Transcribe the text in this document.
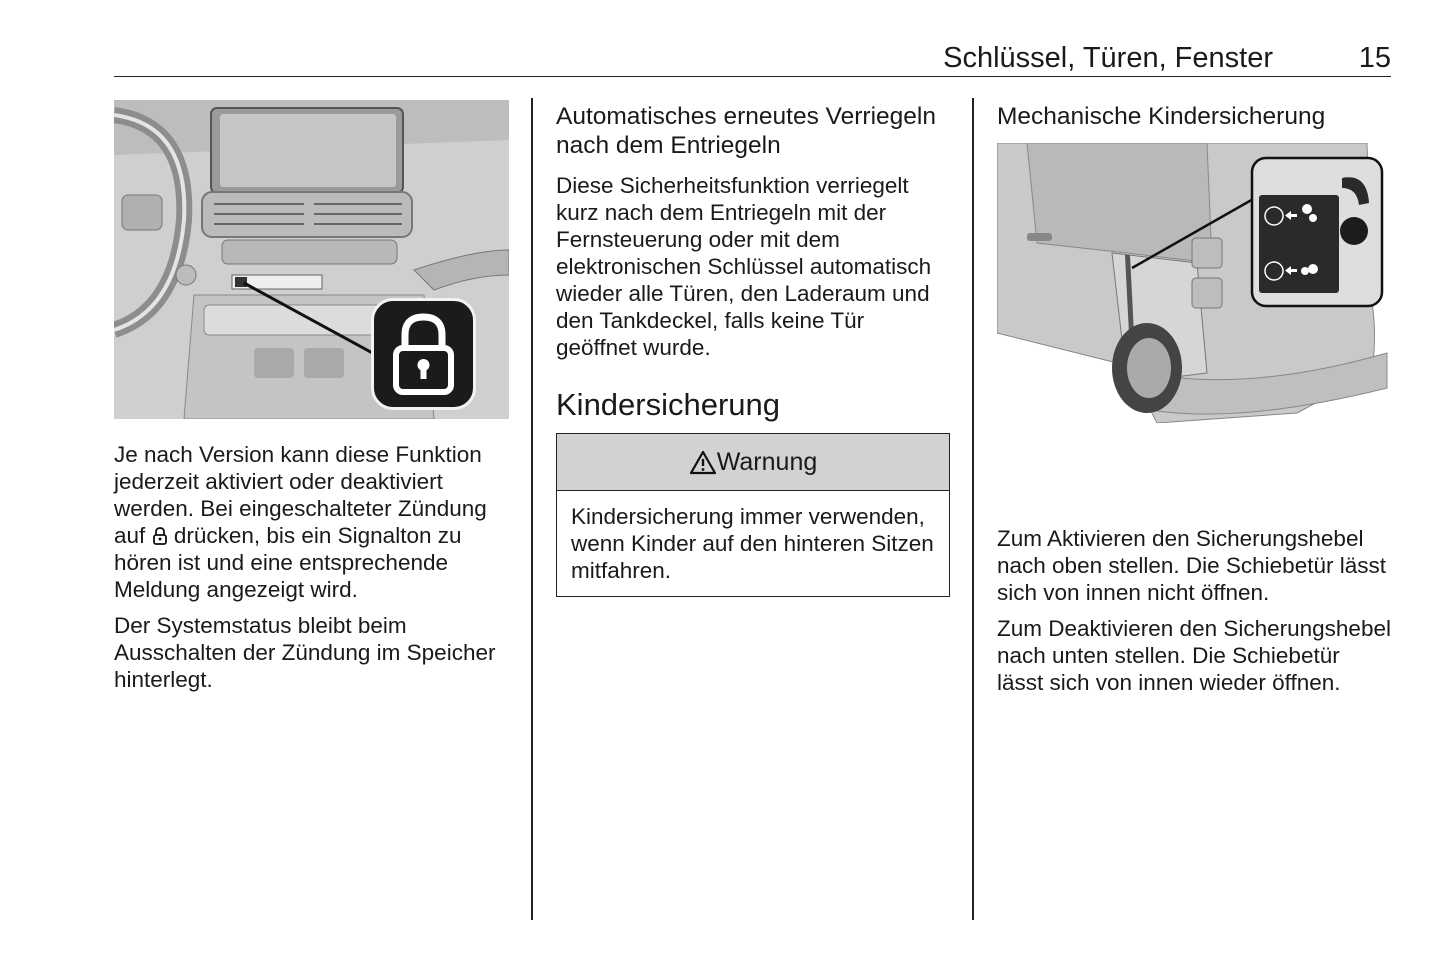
Schlüssel, Türen, Fenster	15

Je nach Version kann diese Funktion jederzeit aktiviert oder deaktiviert werden. Bei eingeschalteter Zündung auf drücken, bis ein Signalton zu hören ist und eine entsprechende Meldung angezeigt wird.

Der Systemstatus bleibt beim Ausschalten der Zündung im Speicher hinterlegt.

Automatisches erneutes Verriegeln nach dem Entriegeln

Diese Sicherheitsfunktion verriegelt kurz nach dem Entriegeln mit der Fernsteuerung oder mit dem elektronischen Schlüssel automatisch wieder alle Türen, den Laderaum und den Tankdeckel, falls keine Tür geöffnet wurde.

Kindersicherung
Warnung
Kindersicherung immer verwenden, wenn Kinder auf den hinteren Sitzen mitfahren.
Mechanische Kindersicherung

Zum Aktivieren den Sicherungshebel nach oben stellen. Die Schiebetür lässt sich von innen nicht öffnen.

Zum Deaktivieren den Sicherungshebel nach unten stellen. Die Schiebetür lässt sich von innen wieder öffnen.
